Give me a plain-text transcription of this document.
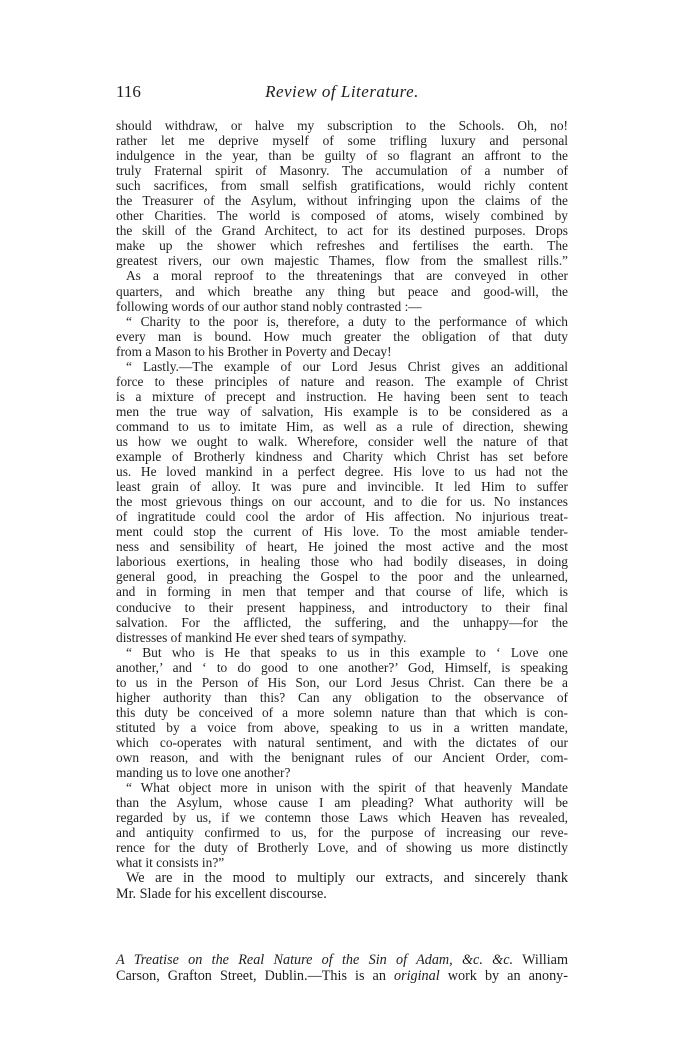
116	Review of Literature.
should withdraw, or halve my subscription to the Schools. Oh, no!
rather let me deprive myself of some trifling luxury and personal
indulgence in the year, than be guilty of so flagrant an affront to the
truly Fraternal spirit of Masonry. The accumulation of a number of
such sacrifices, from small selfish gratifications, would richly content
the Treasurer of the Asylum, without infringing upon the claims of the
other Charities. The world is composed of atoms, wisely combined by
the skill of the Grand Architect, to act for its destined purposes. Drops
make up the shower which refreshes and fertilises the earth. The
greatest rivers, our own majestic Thames, flow from the smallest rills.”
As a moral reproof to the threatenings that are conveyed in other
quarters, and which breathe any thing but peace and good-will, the
following words of our author stand nobly contrasted :—
“ Charity to the poor is, therefore, a duty to the performance of which
every man is bound. How much greater the obligation of that duty
from a Mason to his Brother in Poverty and Decay!
“ Lastly.—The example of our Lord Jesus Christ gives an additional
force to these principles of nature and reason. The example of Christ
is a mixture of precept and instruction. He having been sent to teach
men the true way of salvation, His example is to be considered as a
command to us to imitate Him, as well as a rule of direction, shewing
us how we ought to walk. Wherefore, consider well the nature of that
example of Brotherly kindness and Charity which Christ has set before
us. He loved mankind in a perfect degree. His love to us had not the
least grain of alloy. It was pure and invincible. It led Him to suffer
the most grievous things on our account, and to die for us. No instances
of ingratitude could cool the ardor of His affection. No injurious treat-
ment could stop the current of His love. To the most amiable tender-
ness and sensibility of heart, He joined the most active and the most
laborious exertions, in healing those who had bodily diseases, in doing
general good, in preaching the Gospel to the poor and the unlearned,
and in forming in men that temper and that course of life, which is
conducive to their present happiness, and introductory to their final
salvation. For the afflicted, the suffering, and the unhappy—for the
distresses of mankind He ever shed tears of sympathy.
“ But who is He that speaks to us in this example to ‘ Love one
another,’ and ‘ to do good to one another?’ God, Himself, is speaking
to us in the Person of His Son, our Lord Jesus Christ. Can there be a
higher authority than this? Can any obligation to the observance of
this duty be conceived of a more solemn nature than that which is con-
stituted by a voice from above, speaking to us in a written mandate,
which co-operates with natural sentiment, and with the dictates of our
own reason, and with the benignant rules of our Ancient Order, com-
manding us to love one another?
“ What object more in unison with the spirit of that heavenly Mandate
than the Asylum, whose cause I am pleading? What authority will be
regarded by us, if we contemn those Laws which Heaven has revealed,
and antiquity confirmed to us, for the purpose of increasing our reve-
rence for the duty of Brotherly Love, and of showing us more distinctly
what it consists in?”
We are in the mood to multiply our extracts, and sincerely thank
Mr. Slade for his excellent discourse.
A Treatise on the Real Nature of the Sin of Adam, &c. &c. William
Carson, Grafton Street, Dublin.—This is an original work by an anony-
